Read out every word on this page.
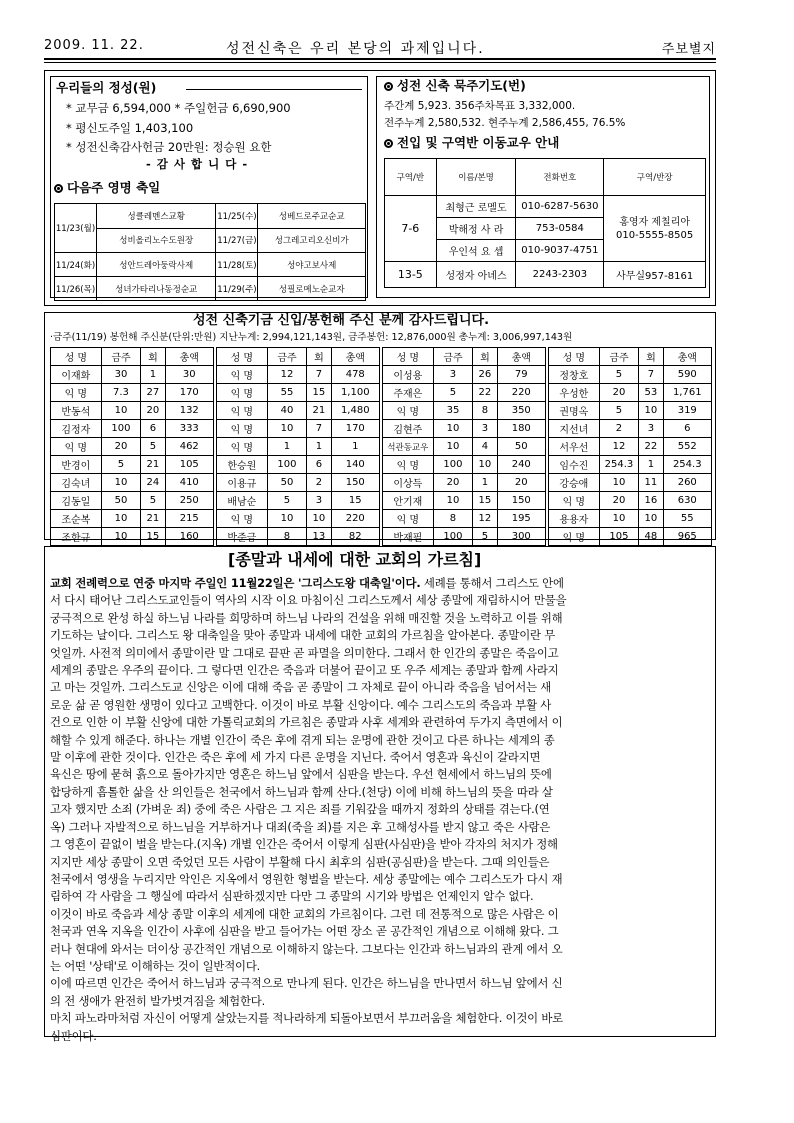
2009. 11. 22.	성전신축은 우리 본당의 과제입니다.	주보별지
우리들의 정성(원)
* 교무금 6,594,000 * 주일헌금 6,690,900
* 평신도주일 1,403,100
* 성전신축감사헌금 20만원: 정승원 요한
- 감 사 합 니 다 -
다음주 영명 축일
11/23(월)	성클레멘스교황	11/25(수)	성베드로주교순교
	성비올리노수도원장	11/27(금)	성그레고리오신비가
11/24(화)	성안드레아둥락사제	11/28(토)	성야고보사제
11/26(목)	성녀가타리나동정순교	11/29(주)	성필로메노순교자
성전 신축 묵주기도(번)
주간계 5,923. 356주차목표 3,332,000.
전주누계 2,580,532. 현주누계 2,586,455, 76.5%
전입 및 구역반 이동교우 안내
구역/반	이름/본명	전화번호	구역/반장
7-6	최형근 로멜도	010-6287-5630	홍영자 제칠리아
010-5555-8505

	박해정 사 라	753-0584	
	우인석 요 셉	010-9037-4751	
13-5	성정자 아녜스	2243-2303	사무실957-8161
성전 신축기금 신입/봉헌해 주신 분께 감사드립니다.
·금주(11/19) 봉헌해 주신분(단위:만원) 지난누계: 2,994,121,143원, 금주봉헌: 12,876,000원 총누계: 3,006,997,143원
성 명	금주	회	총액
이재화	30	1	30
익 명	7.3	27	170
반동석	10	20	132
김정자	100	6	333
익 명	20	5	462
반경이	5	21	105
김숙녀	10	24	410
김동일	50	5	250
조순복	10	21	215
조한규	10	15	160
성 명	금주	회	총액
익 명	12	7	478
익 명	55	15	1,100
익 명	40	21	1,480
익 명	10	7	170
익 명	1	1	1
한승원	100	6	140
이용규	50	2	150
배남순	5	3	15
익 명	10	10	220
박준금	8	13	82
성 명	금주	회	총액
이성용	3	26	79
주재은	5	22	220
익 명	35	8	350
김현주	10	3	180
석관동교우	10	4	50
익 명	100	10	240
이상득	20	1	20
안기재	10	15	150
익 명	8	12	195
박재필	100	5	300
성 명	금주	회	총액
정창호	5	7	590
우성한	20	53	1,761
권명옥	5	10	319
지선녀	2	3	6
서우선	12	22	552
임수진	254.3	1	254.3
강승애	10	11	260
익 명	20	16	630
용용자	10	10	55
익 명	105	48	965
[종말과 내세에 대한 교회의 가르침]
교회 전례력으로 연중 마지막 주일인 11월22일은 '그리스도왕 대축일'이다. 세례를 통해서 그리스도 안에
서 다시 태어난 그리스도교인들이 역사의 시작 이요 마침이신 그리스도께서 세상 종말에 재림하시어 만물을
궁극적으로 완성 하실 하느님 나라를 희망하며 하느님 나라의 건설을 위해 매진할 것을 노력하고 이를 위해
기도하는 날이다. 그리스도 왕 대축일을 맞아 종말과 내세에 대한 교회의 가르침을 알아본다. 종말이란 무
엇일까. 사전적 의미에서 종말이란 말 그대로 끝판 곧 파멸을 의미한다. 그래서 한 인간의 종말은 죽음이고
세계의 종말은 우주의 끝이다. 그 렇다면 인간은 죽음과 더불어 끝이고 또 우주 세계는 종말과 함께 사라지
고 마는 것일까. 그리스도교 신앙은 이에 대해 죽음 곧 종말이 그 자체로 끝이 아니라 죽음을 넘어서는 새
로운 삶 곧 영원한 생명이 있다고 고백한다. 이것이 바로 부활 신앙이다. 예수 그리스도의 죽음과 부활 사
건으로 인한 이 부활 신앙에 대한 가톨릭교회의 가르침은 종말과 사후 세계와 관련하여 두가지 측면에서 이
해할 수 있게 해준다. 하나는 개별 인간이 죽은 후에 겪게 되는 운명에 관한 것이고 다른 하나는 세계의 종
말 이후에 관한 것이다. 인간은 죽은 후에 세 가지 다른 운명을 지닌다. 죽어서 영혼과 육신이 갈라지면
육신은 땅에 묻혀 흙으로 돌아가지만 영혼은 하느님 앞에서 심판을 받는다. 우선 현세에서 하느님의 뜻에
합당하게 흠톨한 삶을 산 의인들은 천국에서 하느님과 함께 산다.(천당) 이에 비해 하느님의 뜻을 따라 살
고자 했지만 소죄 (가벼운 죄) 중에 죽은 사람은 그 지은 죄를 기워갚을 때까지 정화의 상태를 겪는다.(연
옥) 그러나 자발적으로 하느님을 거부하거나 대죄(죽을 죄)를 지은 후 고해성사를 받지 않고 죽은 사람은
그 영혼이 끝없이 벌을 받는다.(지옥) 개별 인간은 죽어서 이렇게 심판(사심판)을 받아 각자의 처지가 정해
지지만 세상 종말이 오면 죽었던 모든 사람이 부활해 다시 최후의 심판(공심판)을 받는다. 그때 의인들은
천국에서 영생을 누리지만 악인은 지옥에서 영원한 형벌을 받는다. 세상 종말에는 예수 그리스도가 다시 재
림하여 각 사람을 그 행실에 따라서 심판하겠지만 다만 그 종말의 시기와 방법은 언제인지 알수 없다.
이것이 바로 죽음과 세상 종말 이후의 세계에 대한 교회의 가르침이다. 그런 데 전통적으로 많은 사람은 이
천국과 연옥 지옥을 인간이 사후에 심판을 받고 들어가는 어떤 장소 곧 공간적인 개념으로 이해해 왔다. 그
러나 현대에 와서는 더이상 공간적인 개념으로 이해하지 않는다. 그보다는 인간과 하느님과의 관계 에서 오
는 어떤 '상태'로 이해하는 것이 일반적이다.
이에 따르면 인간은 죽어서 하느님과 궁극적으로 만나게 된다. 인간은 하느님을 만나면서 하느님 앞에서 신
의 전 생애가 완전히 발가벗겨짐을 체험한다.
마치 파노라마처럼 자신이 어떻게 살았는지를 적나라하게 되돌아보면서 부끄러움을 체험한다. 이것이 바로
심판이다.
